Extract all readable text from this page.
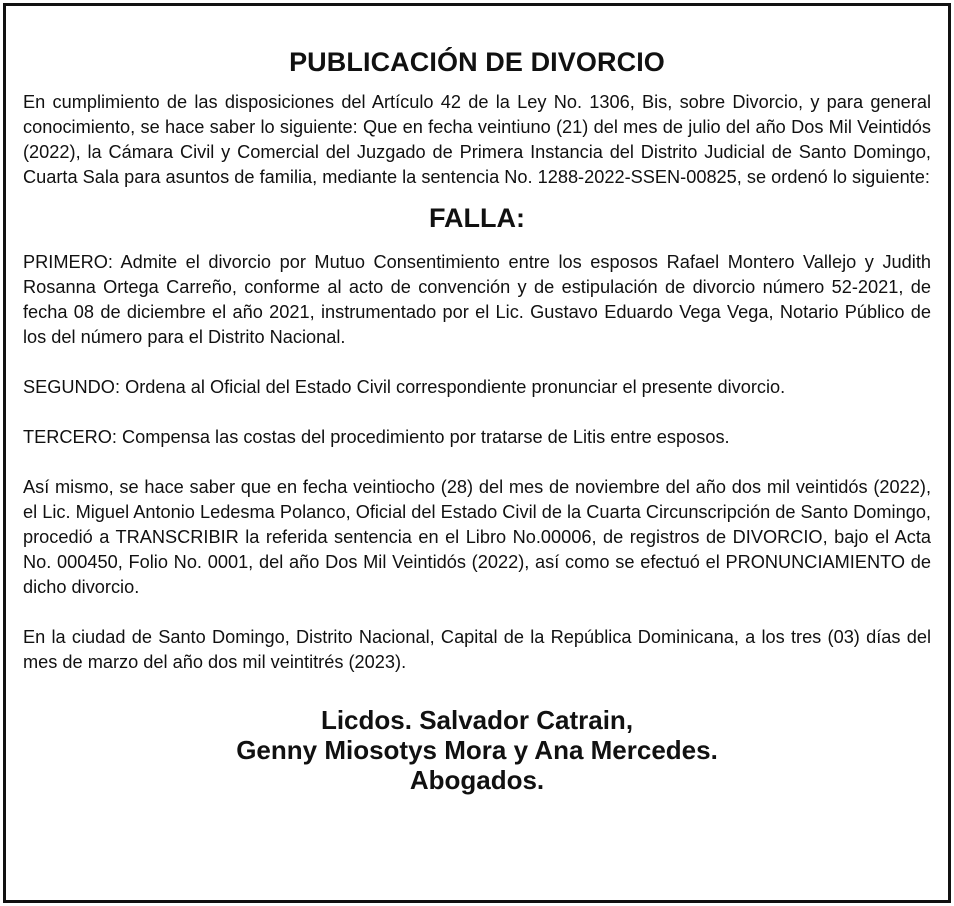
PUBLICACIÓN DE DIVORCIO

En cumplimiento de las disposiciones del Artículo 42 de la Ley No. 1306, Bis, sobre Divorcio, y para general conocimiento, se hace saber lo siguiente: Que en fecha veintiuno (21) del mes de julio del año Dos Mil Veintidós (2022), la Cámara Civil y Comercial del Juzgado de Primera Instancia del Distrito Judicial de Santo Domingo, Cuarta Sala para asuntos de familia, mediante la sentencia No. 1288-2022-SSEN-00825, se ordenó lo siguiente:

FALLA:

PRIMERO: Admite el divorcio por Mutuo Consentimiento entre los esposos Rafael Montero Vallejo y Judith Rosanna Ortega Carreño, conforme al acto de convención y de estipulación de divorcio número 52-2021, de fecha 08 de diciembre el año 2021, instrumentado por el Lic. Gustavo Eduardo Vega Vega, Notario Público de los del número para el Distrito Nacional.

SEGUNDO: Ordena al Oficial del Estado Civil correspondiente pronunciar el presente divorcio.

TERCERO: Compensa las costas del procedimiento por tratarse de Litis entre esposos.

Así mismo, se hace saber que en fecha veintiocho (28) del mes de noviembre del año dos mil veintidós (2022), el Lic. Miguel Antonio Ledesma Polanco, Oficial del Estado Civil de la Cuarta Circunscripción de Santo Domingo, procedió a TRANSCRIBIR la referida sentencia en el Libro No.00006, de registros de DIVORCIO, bajo el Acta No. 000450, Folio No. 0001, del año Dos Mil Veintidós (2022), así como se efectuó el PRONUNCIAMIENTO de dicho divorcio.

En la ciudad de Santo Domingo, Distrito Nacional, Capital de la República Dominicana, a los tres (03) días del mes de marzo del año dos mil veintitrés (2023).

Licdos. Salvador Catrain,
Genny Miosotys Mora y Ana Mercedes.
Abogados.
